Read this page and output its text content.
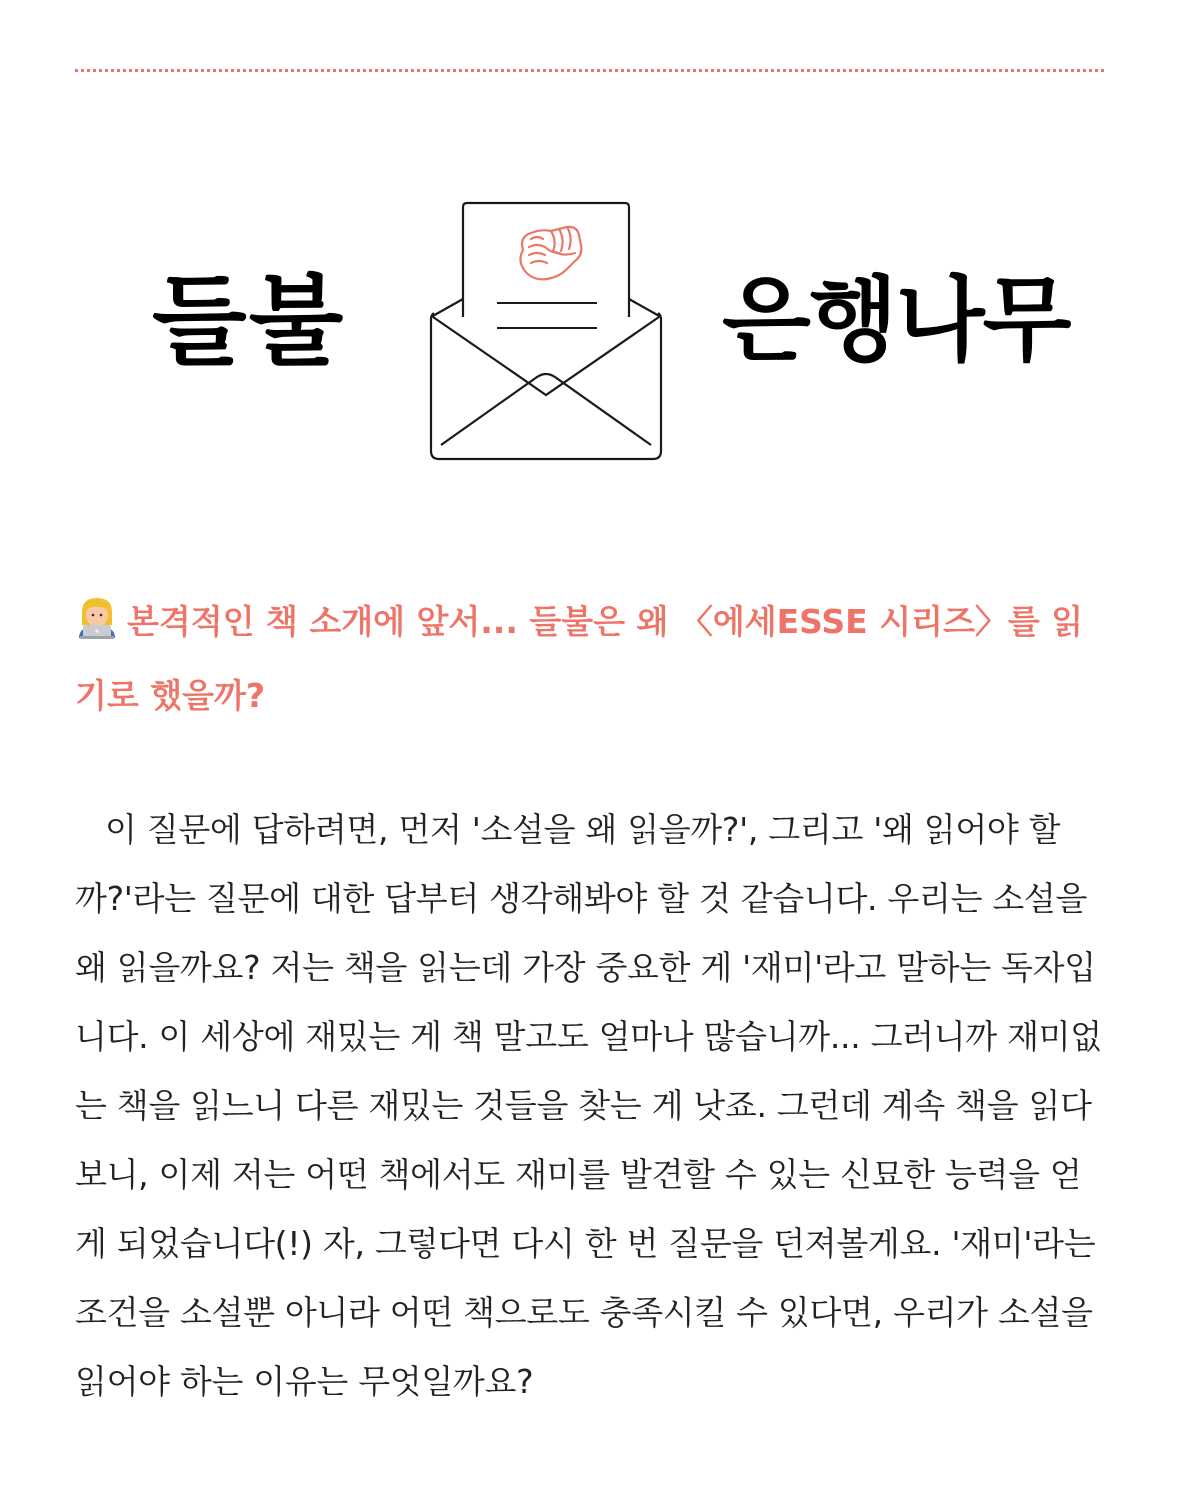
들불	은행나무
본격적인 책 소개에 앞서... 들불은 왜 〈에세ESSE 시리즈〉를 읽기로 했을까?

이 질문에 답하려면, 먼저 '소설을 왜 읽을까?', 그리고 '왜 읽어야 할까?'라는 질문에 대한 답부터 생각해봐야 할 것 같습니다. 우리는 소설을 왜 읽을까요? 저는 책을 읽는데 가장 중요한 게 '재미'라고 말하는 독자입니다. 이 세상에 재밌는 게 책 말고도 얼마나 많습니까... 그러니까 재미없는 책을 읽느니 다른 재밌는 것들을 찾는 게 낫죠. 그런데 계속 책을 읽다보니, 이제 저는 어떤 책에서도 재미를 발견할 수 있는 신묘한 능력을 얻게 되었습니다(!) 자, 그렇다면 다시 한 번 질문을 던져볼게요. '재미'라는 조건을 소설뿐 아니라 어떤 책으로도 충족시킬 수 있다면, 우리가 소설을 읽어야 하는 이유는 무엇일까요?
